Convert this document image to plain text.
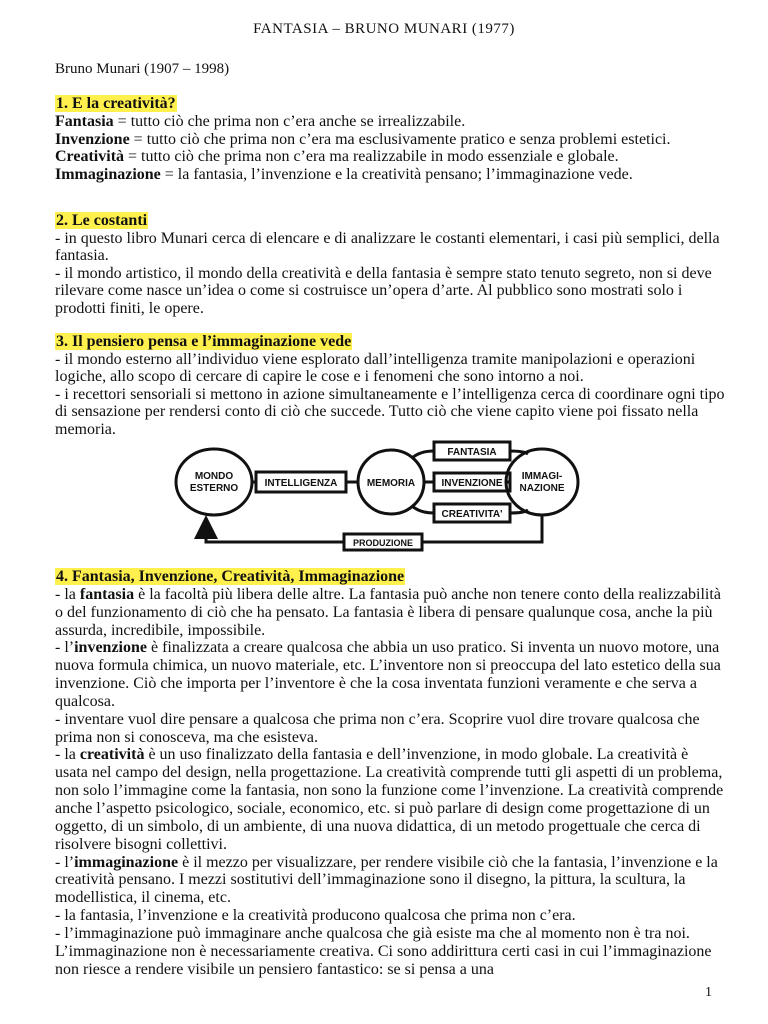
FANTASIA – BRUNO MUNARI (1977)
Bruno Munari (1907 – 1998)

1. E la creatività?

Fantasia = tutto ciò che prima non c’era anche se irrealizzabile.

Invenzione = tutto ciò che prima non c’era ma esclusivamente pratico e senza problemi estetici.

Creatività = tutto ciò che prima non c’era ma realizzabile in modo essenziale e globale.

Immaginazione = la fantasia, l’invenzione e la creatività pensano; l’immaginazione vede.

2. Le costanti

- in questo libro Munari cerca di elencare e di analizzare le costanti elementari, i casi più semplici, della fantasia.

- il mondo artistico, il mondo della creatività e della fantasia è sempre stato tenuto segreto, non si deve rilevare come nasce un’idea o come si costruisce un’opera d’arte. Al pubblico sono mostrati solo i prodotti finiti, le opere.

3. Il pensiero pensa e l’immaginazione vede

- il mondo esterno all’individuo viene esplorato dall’intelligenza tramite manipolazioni e operazioni logiche, allo scopo di cercare di capire le cose e i fenomeni che sono intorno a noi.

- i recettori sensoriali si mettono in azione simultaneamente e l’intelligenza cerca di coordinare ogni tipo di sensazione per rendersi conto di ciò che succede. Tutto ciò che viene capito viene poi fissato nella memoria.

MONDO
ESTERNO	INTELLIGENZA	MEMORIA
FANTASIA
INVENZIONE
CREATIVITA'
IMMAGI-
NAZIONE
PRODUZIONE

4. Fantasia, Invenzione, Creatività, Immaginazione

- la fantasia è la facoltà più libera delle altre. La fantasia può anche non tenere conto della realizzabilità o del funzionamento di ciò che ha pensato. La fantasia è libera di pensare qualunque cosa, anche la più assurda, incredibile, impossibile.

- l’invenzione è finalizzata a creare qualcosa che abbia un uso pratico. Si inventa un nuovo motore, una nuova formula chimica, un nuovo materiale, etc. L’inventore non si preoccupa del lato estetico della sua invenzione. Ciò che importa per l’inventore è che la cosa inventata funzioni veramente e che serva a qualcosa.

- inventare vuol dire pensare a qualcosa che prima non c’era. Scoprire vuol dire trovare qualcosa che prima non si conosceva, ma che esisteva.

- la creatività è un uso finalizzato della fantasia e dell’invenzione, in modo globale. La creatività è usata nel campo del design, nella progettazione. La creatività comprende tutti gli aspetti di un problema, non solo l’immagine come la fantasia, non sono la funzione come l’invenzione. La creatività comprende anche l’aspetto psicologico, sociale, economico, etc. si può parlare di design come progettazione di un oggetto, di un simbolo, di un ambiente, di una nuova didattica, di un metodo progettuale che cerca di risolvere bisogni collettivi.

- l’immaginazione è il mezzo per visualizzare, per rendere visibile ciò che la fantasia, l’invenzione e la creatività pensano. I mezzi sostitutivi dell’immaginazione sono il disegno, la pittura, la scultura, la modellistica, il cinema, etc.

- la fantasia, l’invenzione e la creatività producono qualcosa che prima non c’era.

- l’immaginazione può immaginare anche qualcosa che già esiste ma che al momento non è tra noi. L’immaginazione non è necessariamente creativa. Ci sono addirittura certi casi in cui l’immaginazione non riesce a rendere visibile un pensiero fantastico: se si pensa a una

1
